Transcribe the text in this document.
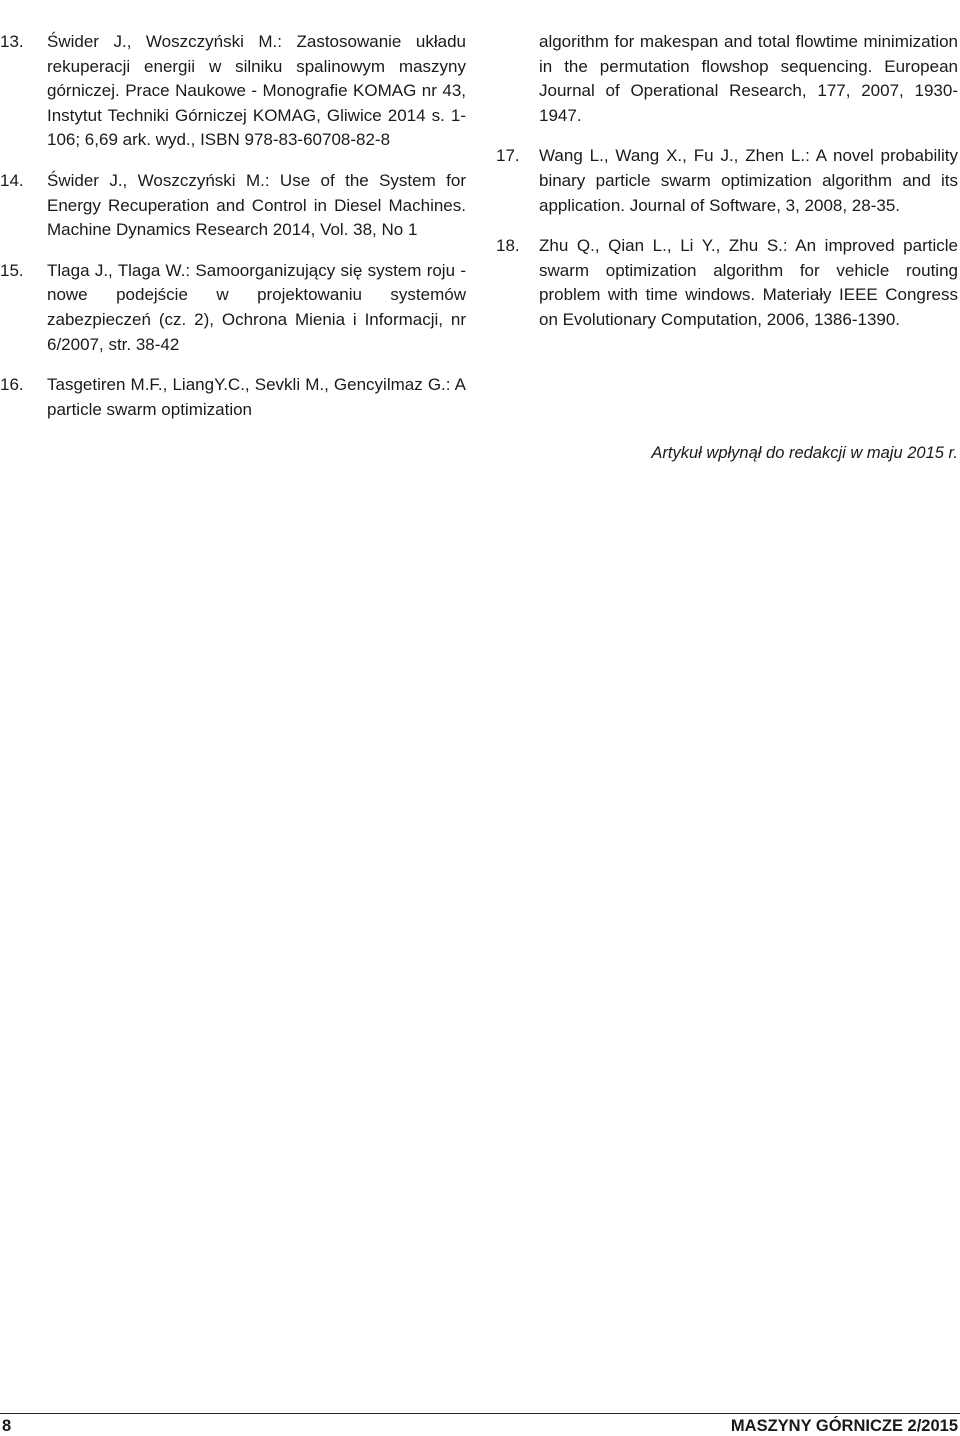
13.	Świder J., Woszczyński M.: Zastosowanie układu rekuperacji energii w silniku spalinowym maszyny górniczej. Prace Naukowe - Monografie KOMAG nr 43, Instytut Techniki Górniczej KOMAG, Gliwice 2014 s. 1-106; 6,69 ark. wyd., ISBN 978-83-60708-82-8
14.	Świder J., Woszczyński M.: Use of the System for Energy Recuperation and Control in Diesel Machines. Machine Dynamics Research 2014, Vol. 38, No 1
15.	Tlaga J., Tlaga W.: Samoorganizujący się system roju - nowe podejście w projektowaniu systemów zabezpieczeń (cz. 2), Ochrona Mienia i Informacji, nr 6/2007, str. 38-42
16.	Tasgetiren M.F., LiangY.C., Sevkli M., Gencyilmaz G.: A particle swarm optimization
algorithm for makespan and total flowtime minimization in the permutation flowshop sequencing. European Journal of Operational Research, 177, 2007, 1930-1947.
17.	Wang L., Wang X., Fu J., Zhen L.: A novel probability binary particle swarm optimization algorithm and its application. Journal of Software, 3, 2008, 28-35.
18.	Zhu Q., Qian L., Li Y., Zhu S.: An improved particle swarm optimization algorithm for vehicle routing problem with time windows. Materiały IEEE Congress on Evolutionary Computation, 2006, 1386-1390.
Artykuł wpłynął do redakcji w maju 2015 r.
8	MASZYNY GÓRNICZE 2/2015
